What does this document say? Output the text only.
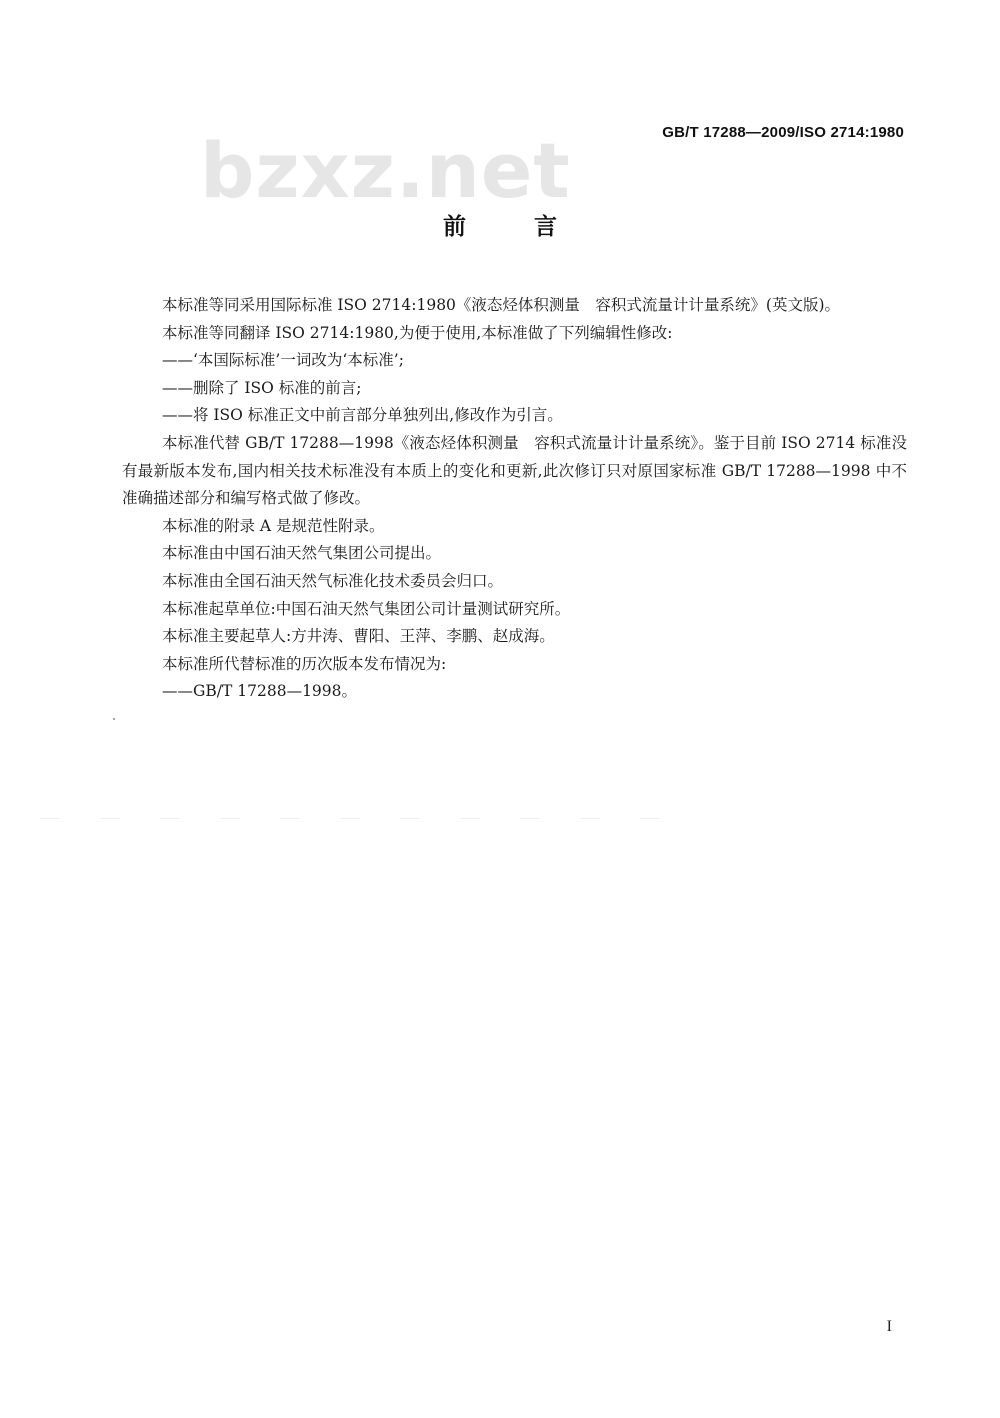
bzxz.net	GB/T 17288—2009/ISO 2714:1980
前 言

本标准等同采用国际标准 ISO 2714:1980《液态烃体积测量　容积式流量计计量系统》(英文版)。

本标准等同翻译 ISO 2714:1980,为便于使用,本标准做了下列编辑性修改:

——‘本国际标准’一词改为‘本标准’;

——删除了 ISO 标准的前言;

——将 ISO 标准正文中前言部分单独列出,修改作为引言。

本标准代替 GB/T 17288—1998《液态烃体积测量　容积式流量计计量系统》。鉴于目前 ISO 2714 标准没有最新版本发布,国内相关技术标准没有本质上的变化和更新,此次修订只对原国家标准 GB/T 17288—1998 中不准确描述部分和编写格式做了修改。

本标准的附录 A 是规范性附录。

本标准由中国石油天然气集团公司提出。

本标准由全国石油天然气标准化技术委员会归口。

本标准起草单位:中国石油天然气集团公司计量测试研究所。

本标准主要起草人:方井涛、曹阳、王萍、李鹏、赵成海。

本标准所代替标准的历次版本发布情况为:

——GB/T 17288—1998。

I
